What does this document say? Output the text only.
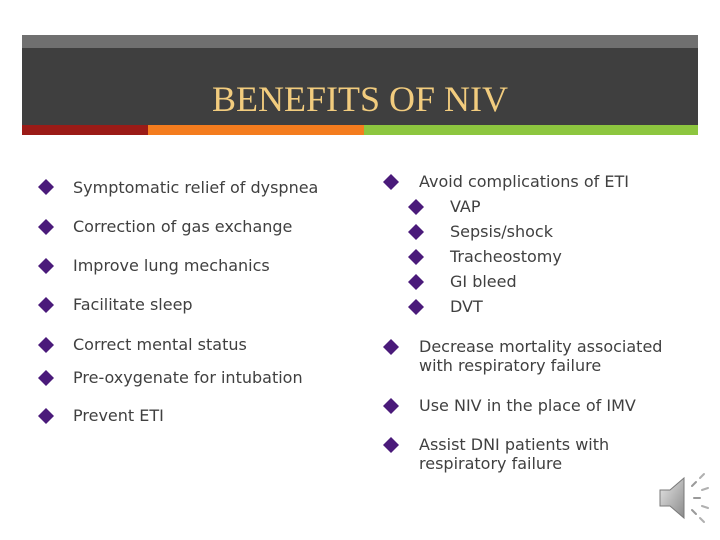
BENEFITS OF NIV
Symptomatic relief of dyspnea
Correction of gas exchange
Improve lung mechanics
Facilitate sleep
Correct mental status
Pre-oxygenate for intubation
Prevent ETI
Avoid complications of ETI
VAP
Sepsis/shock
Tracheostomy
GI bleed
DVT
Decrease mortality associated
with respiratory failure
Use NIV in the place of IMV
Assist DNI patients with
respiratory failure
